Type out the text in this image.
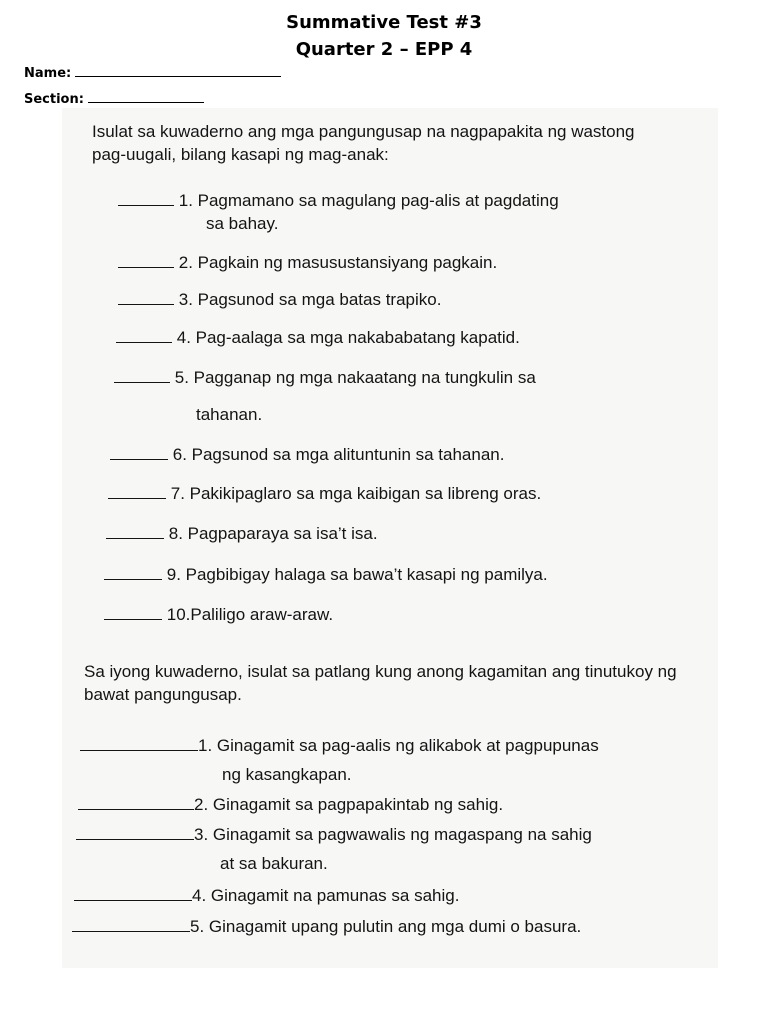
Summative Test #3
Quarter 2 – EPP 4
Name:
Section:
Isulat sa kuwaderno ang mga pangungusap na nagpapakita ng wastong pag-uugali, bilang kasapi ng mag-anak:
1. Pagmamano sa magulang pag-alis at pagdating
sa bahay.
2. Pagkain ng masusustansiyang pagkain.
3. Pagsunod sa mga batas trapiko.
4. Pag-aalaga sa mga nakababatang kapatid.
5. Pagganap ng mga nakaatang na tungkulin sa
tahanan.
6. Pagsunod sa mga alituntunin sa tahanan.
7. Pakikipaglaro sa mga kaibigan sa libreng oras.
8. Pagpaparaya sa isa’t isa.
9. Pagbibigay halaga sa bawa’t kasapi ng pamilya.
10.Paliligo araw-araw.
Sa iyong kuwaderno, isulat sa patlang kung anong kagamitan ang tinutukoy ng bawat pangungusap.
1. Ginagamit sa pag-aalis ng alikabok at pagpupunas
ng kasangkapan.
2. Ginagamit sa pagpapakintab ng sahig.
3. Ginagamit sa pagwawalis ng magaspang na sahig
at sa bakuran.
4. Ginagamit na pamunas sa sahig.
5. Ginagamit upang pulutin ang mga dumi o basura.
